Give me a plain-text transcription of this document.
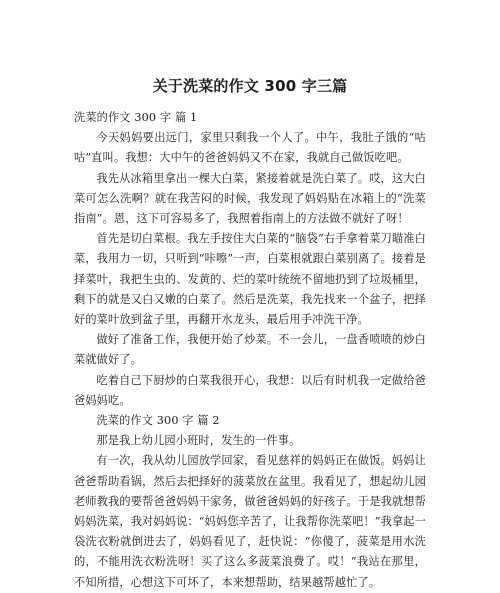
关于洗菜的作文 300 字三篇

洗菜的作文 300 字 篇 1

今天妈妈要出远门，家里只剩我一个人了。中午，我肚子饿的“咕咕”直叫。我想：大中午的爸爸妈妈又不在家，我就自己做饭吃吧。

我先从冰箱里拿出一棵大白菜，紧接着就是洗白菜了。哎，这大白菜可怎么洗啊？就在我苦闷的时候，我发现了妈妈贴在冰箱上的“洗菜指南”。恩，这下可容易多了，我照着指南上的方法做不就好了呀！

首先是切白菜根。我左手按住大白菜的“脑袋”右手拿着菜刀瞄准白菜，我用力一切，只听到“咔嚓”一声，白菜根就跟白菜别离了。接着是择菜叶，我把生虫的、发黄的、烂的菜叶统统不留地扔到了垃圾桶里，剩下的就是又白又嫩的白菜了。然后是洗菜，我先找来一个盆子，把择好的菜叶放到盆子里，再翻开水龙头，最后用手冲洗干净。

做好了准备工作，我便开始了炒菜。不一会儿，一盘香喷喷的炒白菜就做好了。

吃着自己下厨炒的白菜我很开心，我想：以后有时机我一定做给爸爸妈妈吃。

洗菜的作文 300 字 篇 2

那是我上幼儿园小班时，发生的一件事。

有一次，我从幼儿园放学回家，看见慈祥的妈妈正在做饭。妈妈让爸爸帮助看锅，然后去把择好的菠菜放在盆里。我看见了，想起幼儿园老师教我的要帮爸爸妈妈干家务，做爸爸妈妈的好孩子。于是我就想帮妈妈洗菜，我对妈妈说：“妈妈您辛苦了，让我帮你洗菜吧！”我拿起一袋洗衣粉就倒进去了，妈妈看见了，赶快说：“你傻了，菠菜是用水洗的，不能用洗衣粉洗呀！买了这么多菠菜浪费了。哎！”我站在那里，不知所措，心想这下可坏了，本来想帮助，结果越帮越忙了。
